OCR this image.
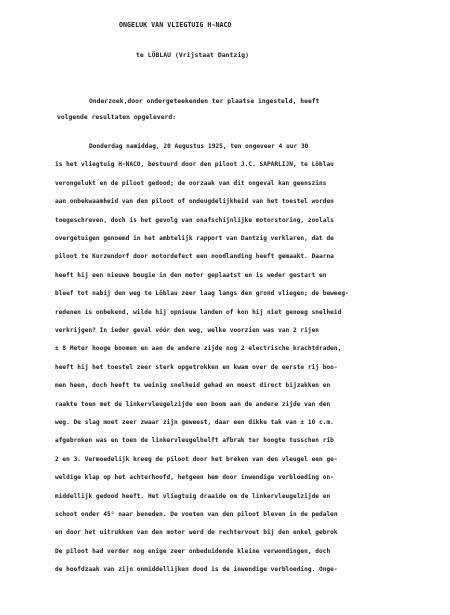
ONGELUK VAN VLIEGTUIG H-NACO
te LÖBLAU (Vrijstaat Dantzig)
Onderzoek,door ondergeteekenden ter plaatse ingesteld, heeft
volgende resultaten opgeleverd:
Donderdag namiddag, 20 Augustus 1925, ten ongeveer 4 uur 30
is het vliegtuig H-NACO, bestuurd door den piloot J.C. SAPARLIJN, te Löblau
verongelukt en de piloot gedood; de oorzaak van dit ongeval kan geenszins
aan onbekwaamheid van den piloot of ondeugdelijkheid van het toestel worden
toegeschreven, doch is het gevolg van onafschijnlijke motorstoring, zoolals
overgetuigen genoemd in het ambtelijk rapport van Dantzig verklaren, dat de
piloot te Kurzendorf door motordefect een noodlanding heeft gemaakt. Daarna
heeft hij een nieuwe bougie in den motor geplaatst en is weder gestart en
bleef tot nabij den weg te Löblau zeer laag langs den grond vliegen; de beweeg-
redenen is onbekend, wilde hij opnieuw landen of kon hij niet genoeg snelheid
verkrijgen? In ieder geval vóór den weg, welke voorzien was van 2 rijen
± 8 Meter hooge boomen en aan de andere zijde nog 2 electrische krachtdraden,
heeft hij het toestel zeer sterk opgetrokken en kwam over de eerste rij boo-
men heen, doch heeft te weinig snelheid gehad en moest direct bijzakken en
raakte toen met de linkervleugelzijde een boom aan de andere zijde van den
weg. De slag moet zeer zwaar zijn geweest, daar een dikke tak van ± 10 c.m.
afgebroken was en toen de linkervleugelhelft afbrak ter hoogte tusschen rib
2 en 3. Vermoedelijk kreeg de piloot door het breken van den vleugel een ge-
weldige klap op het achterhoofd, hetgeen hem door inwendige verbloeding on-
middellijk gedood heeft. Het vliegtuig draaide om de linkervleugelzijde en
schoot onder 45° naar beneden. De voeten van den piloot bleven in de pedalen
en door het uitrukken van den motor werd de rechtervoet bij den enkel gebrok
De piloot had verder nog enige zeer onbeduidende kleine verwondingen, doch
de hoofdzaak van zijn onmiddellijken dood is de inwendige verbloeding. Onge-
